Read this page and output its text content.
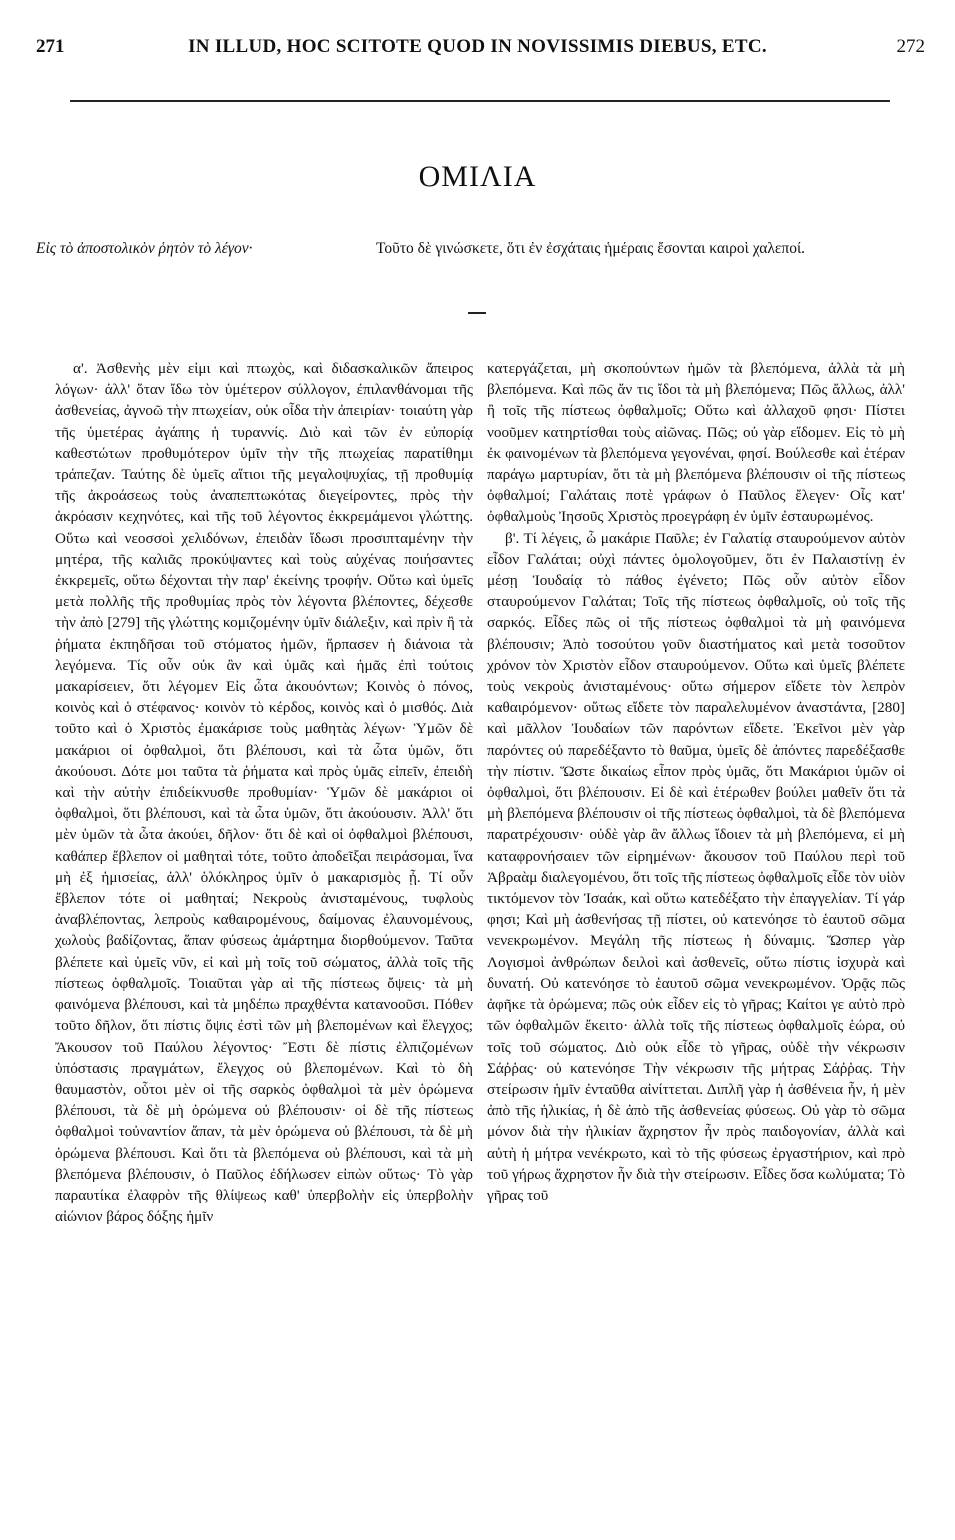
271	IN ILLUD, HOC SCITOTE QUOD IN NOVISSIMIS DIEBUS, ETC.	272
ΟΜΙΛΙΑ
Εἰς τὸ ἀποστολικὸν ῥητὸν τὸ λέγον·	Τοῦτο δὲ γινώσκετε, ὅτι ἐν ἐσχάταις ἡμέραις ἔσονται καιροὶ χαλεποί.

α'. Ἀσθενὴς μὲν εἰμι καὶ πτωχὸς, καὶ διδασκαλικῶν ἄπειρος λόγων· ἀλλ' ὅταν ἴδω τὸν ὑμέτερον σύλλογον, ἐπιλανθάνομαι τῆς ἀσθενείας, ἀγνοῶ τὴν πτωχείαν, οὐκ οἶδα τὴν ἀπειρίαν· τοιαύτη γὰρ τῆς ὑμετέρας ἀγάπης ἡ τυραννίς. Διὸ καὶ τῶν ἐν εὐπορίᾳ καθεστώτων προθυμότερον ὑμῖν τὴν τῆς πτωχείας παρατίθημι τράπεζαν. Ταύτης δὲ ὑμεῖς αἴτιοι τῆς μεγαλοψυχίας, τῇ προθυμίᾳ τῆς ἀκροάσεως τοὺς ἀναπεπτωκότας διεγείροντες, πρὸς τὴν ἀκρόασιν κεχηνότες, καὶ τῆς τοῦ λέγοντος ἐκκρεμάμενοι γλώττης. Οὕτω καὶ νεοσσοὶ χελιδόνων, ἐπειδὰν ἴδωσι προσιπταμένην τὴν μητέρα, τῆς καλιᾶς προκύψαντες καὶ τοὺς αὐχένας ποιήσαντες ἐκκρεμεῖς, οὕτω δέχονται τὴν παρ' ἐκείνης τροφήν. Οὕτω καὶ ὑμεῖς μετὰ πολλῆς τῆς προθυμίας πρὸς τὸν λέγοντα βλέποντες, δέχεσθε τὴν ἀπὸ [279] τῆς γλώττης κομιζομένην ὑμῖν διάλεξιν, καὶ πρὶν ἢ τὰ ῥήματα ἐκπηδῆσαι τοῦ στόματος ἡμῶν, ἥρπασεν ἡ διάνοια τὰ λεγόμενα. Τίς οὖν οὐκ ἂν καὶ ὑμᾶς καὶ ἡμᾶς ἐπὶ τούτοις μακαρίσειεν, ὅτι λέγομεν Εἰς ὦτα ἀκουόντων; Κοινὸς ὁ πόνος, κοινὸς καὶ ὁ στέφανος· κοινὸν τὸ κέρδος, κοινὸς καὶ ὁ μισθός. Διὰ τοῦτο καὶ ὁ Χριστὸς ἐμακάρισε τοὺς μαθητὰς λέγων· Ὑμῶν δὲ μακάριοι οἱ ὀφθαλμοὶ, ὅτι βλέπουσι, καὶ τὰ ὦτα ὑμῶν, ὅτι ἀκούουσι. Δότε μοι ταῦτα τὰ ῥήματα καὶ πρὸς ὑμᾶς εἰπεῖν, ἐπειδὴ καὶ τὴν αὐτὴν ἐπιδείκνυσθε προθυμίαν· Ὑμῶν δὲ μακάριοι οἱ ὀφθαλμοὶ, ὅτι βλέπουσι, καὶ τὰ ὦτα ὑμῶν, ὅτι ἀκούουσιν. Ἀλλ' ὅτι μὲν ὑμῶν τὰ ὦτα ἀκούει, δῆλον· ὅτι δὲ καὶ οἱ ὀφθαλμοὶ βλέπουσι, καθάπερ ἔβλεπον οἱ μαθηταὶ τότε, τοῦτο ἀποδεῖξαι πειράσομαι, ἵνα μὴ ἐξ ἡμισείας, ἀλλ' ὁλόκληρος ὑμῖν ὁ μακαρισμὸς ᾖ. Τί οὖν ἔβλεπον τότε οἱ μαθηταί; Νεκροὺς ἀνισταμένους, τυφλοὺς ἀναβλέποντας, λεπροὺς καθαιρομένους, δαίμονας ἐλαυνομένους, χωλοὺς βαδίζοντας, ἅπαν φύσεως ἁμάρτημα διορθούμενον. Ταῦτα βλέπετε καὶ ὑμεῖς νῦν, εἰ καὶ μὴ τοῖς τοῦ σώματος, ἀλλὰ τοῖς τῆς πίστεως ὀφθαλμοῖς. Τοιαῦται γὰρ αἱ τῆς πίστεως ὄψεις· τὰ μὴ φαινόμενα βλέπουσι, καὶ τὰ μηδέπω πραχθέντα κατανοοῦσι. Πόθεν τοῦτο δῆλον, ὅτι πίστις ὄψις ἐστὶ τῶν μὴ βλεπομένων καὶ ἔλεγχος; Ἄκουσον τοῦ Παύλου λέγοντος· Ἔστι δὲ πίστις ἐλπιζομένων ὑπόστασις πραγμάτων, ἔλεγχος οὐ βλεπομένων. Καὶ τὸ δὴ θαυμαστὸν, οὗτοι μὲν οἱ τῆς σαρκὸς ὀφθαλμοὶ τὰ μὲν ὁρώμενα βλέπουσι, τὰ δὲ μὴ ὁρώμενα οὐ βλέπουσιν· οἱ δὲ τῆς πίστεως ὀφθαλμοὶ τοὐναντίον ἅπαν, τὰ μὲν ὁρώμενα οὐ βλέπουσι, τὰ δὲ μὴ ὁρώμενα βλέπουσι. Καὶ ὅτι τὰ βλεπόμενα οὐ βλέπουσι, καὶ τὰ μὴ βλεπόμενα βλέπουσιν, ὁ Παῦλος ἐδήλωσεν εἰπὼν οὕτως· Τὸ γὰρ παραυτίκα ἐλαφρὸν τῆς θλίψεως καθ' ὑπερβολὴν εἰς ὑπερβολὴν αἰώνιον βάρος δόξης ἡμῖν

κατεργάζεται, μὴ σκοπούντων ἡμῶν τὰ βλεπόμενα, ἀλλὰ τὰ μὴ βλεπόμενα. Καὶ πῶς ἄν τις ἴδοι τὰ μὴ βλεπόμενα; Πῶς ἄλλως, ἀλλ' ἢ τοῖς τῆς πίστεως ὀφθαλμοῖς; Οὕτω καὶ ἀλλαχοῦ φησι· Πίστει νοοῦμεν κατηρτίσθαι τοὺς αἰῶνας. Πῶς; οὐ γὰρ εἴδομεν. Εἰς τὸ μὴ ἐκ φαινομένων τὰ βλεπόμενα γεγονέναι, φησί. Βούλεσθε καὶ ἑτέραν παράγω μαρτυρίαν, ὅτι τὰ μὴ βλεπόμενα βλέπουσιν οἱ τῆς πίστεως ὀφθαλμοί; Γαλάταις ποτὲ γράφων ὁ Παῦλος ἔλεγεν· Οἷς κατ' ὀφθαλμοὺς Ἰησοῦς Χριστὸς προεγράφη ἐν ὑμῖν ἐσταυρωμένος.

β'. Τί λέγεις, ὦ μακάριε Παῦλε; ἐν Γαλατίᾳ σταυρούμενον αὐτὸν εἶδον Γαλάται; οὐχὶ πάντες ὁμολογοῦμεν, ὅτι ἐν Παλαιστίνῃ ἐν μέσῃ Ἰουδαίᾳ τὸ πάθος ἐγένετο; Πῶς οὖν αὐτὸν εἶδον σταυρούμενον Γαλάται; Τοῖς τῆς πίστεως ὀφθαλμοῖς, οὐ τοῖς τῆς σαρκός. Εἶδες πῶς οἱ τῆς πίστεως ὀφθαλμοὶ τὰ μὴ φαινόμενα βλέπουσιν; Ἀπὸ τοσούτου γοῦν διαστήματος καὶ μετὰ τοσοῦτον χρόνον τὸν Χριστὸν εἶδον σταυρούμενον. Οὕτω καὶ ὑμεῖς βλέπετε τοὺς νεκροὺς ἀνισταμένους· οὕτω σήμερον εἴδετε τὸν λεπρὸν καθαιρόμενον· οὕτως εἴδετε τὸν παραλελυμένον ἀναστάντα, [280] καὶ μᾶλλον Ἰουδαίων τῶν παρόντων εἴδετε. Ἐκεῖνοι μὲν γὰρ παρόντες οὐ παρεδέξαντο τὸ θαῦμα, ὑμεῖς δὲ ἀπόντες παρεδέξασθε τὴν πίστιν. Ὥστε δικαίως εἶπον πρὸς ὑμᾶς, ὅτι Μακάριοι ὑμῶν οἱ ὀφθαλμοὶ, ὅτι βλέπουσιν. Εἰ δὲ καὶ ἑτέρωθεν βούλει μαθεῖν ὅτι τὰ μὴ βλεπόμενα βλέπουσιν οἱ τῆς πίστεως ὀφθαλμοὶ, τὰ δὲ βλεπόμενα παρατρέχουσιν· οὐδὲ γὰρ ἂν ἄλλως ἴδοιεν τὰ μὴ βλεπόμενα, εἰ μὴ καταφρονήσαιεν τῶν εἰρημένων· ἄκουσον τοῦ Παύλου περὶ τοῦ Ἀβραὰμ διαλεγομένου, ὅτι τοῖς τῆς πίστεως ὀφθαλμοῖς εἶδε τὸν υἱὸν τικτόμενον τὸν Ἰσαάκ, καὶ οὕτω κατεδέξατο τὴν ἐπαγγελίαν. Τί γάρ φησι; Καὶ μὴ ἀσθενήσας τῇ πίστει, οὐ κατενόησε τὸ ἑαυτοῦ σῶμα νενεκρωμένον. Μεγάλη τῆς πίστεως ἡ δύναμις. Ὥσπερ γὰρ Λογισμοὶ ἀνθρώπων δειλοὶ καὶ ἀσθενεῖς, οὕτω πίστις ἰσχυρὰ καὶ δυνατή. Οὐ κατενόησε τὸ ἑαυτοῦ σῶμα νενεκρωμένον. Ὁρᾷς πῶς ἀφῆκε τὰ ὁρώμενα; πῶς οὐκ εἶδεν εἰς τὸ γῆρας; Καίτοι γε αὐτὸ πρὸ τῶν ὀφθαλμῶν ἔκειτο· ἀλλὰ τοῖς τῆς πίστεως ὀφθαλμοῖς ἑώρα, οὐ τοῖς τοῦ σώματος. Διὸ οὐκ εἶδε τὸ γῆρας, οὐδὲ τὴν νέκρωσιν Σάῤῥας· οὐ κατενόησε Τὴν νέκρωσιν τῆς μήτρας Σάῤῥας. Τὴν στείρωσιν ἡμῖν ἐνταῦθα αἰνίττεται. Διπλῆ γὰρ ἡ ἀσθένεια ἦν, ἡ μὲν ἀπὸ τῆς ἡλικίας, ἡ δὲ ἀπὸ τῆς ἀσθενείας φύσεως. Οὐ γὰρ τὸ σῶμα μόνον διὰ τὴν ἡλικίαν ἄχρηστον ἦν πρὸς παιδογονίαν, ἀλλὰ καὶ αὐτὴ ἡ μήτρα νενέκρωτο, καὶ τὸ τῆς φύσεως ἐργαστήριον, καὶ πρὸ τοῦ γήρως ἄχρηστον ἦν διὰ τὴν στείρωσιν. Εἶδες ὅσα κωλύματα; Τὸ γῆρας τοῦ
